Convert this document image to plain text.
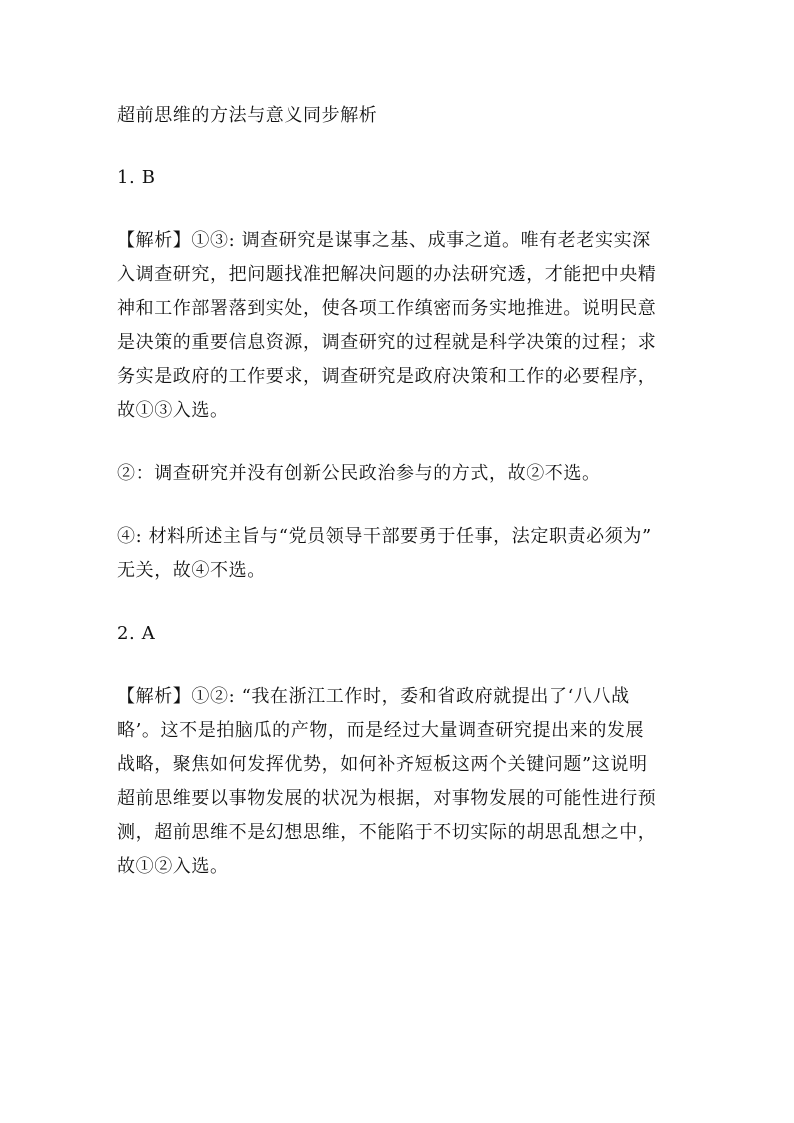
超前思维的方法与意义同步解析
1. B
【解析】①③: 调查研究是谋事之基、成事之道。唯有老老实实深
入调查研究，把问题找准把解决问题的办法研究透，才能把中央精
神和工作部署落到实处，使各项工作缜密而务实地推进。说明民意
是决策的重要信息资源，调查研究的过程就是科学决策的过程；求
务实是政府的工作要求，调查研究是政府决策和工作的必要程序，
故①③入选。
②：调查研究并没有创新公民政治参与的方式，故②不选。
④: 材料所述主旨与“党员领导干部要勇于任事，法定职责必须为”
无关，故④不选。
2. A
【解析】①②: “我在浙江工作时，委和省政府就提出了‘八八战
略’。这不是拍脑瓜的产物，而是经过大量调查研究提出来的发展
战略，聚焦如何发挥优势，如何补齐短板这两个关键问题”这说明
超前思维要以事物发展的状况为根据，对事物发展的可能性进行预
测，超前思维不是幻想思维，不能陷于不切实际的胡思乱想之中，
故①②入选。
